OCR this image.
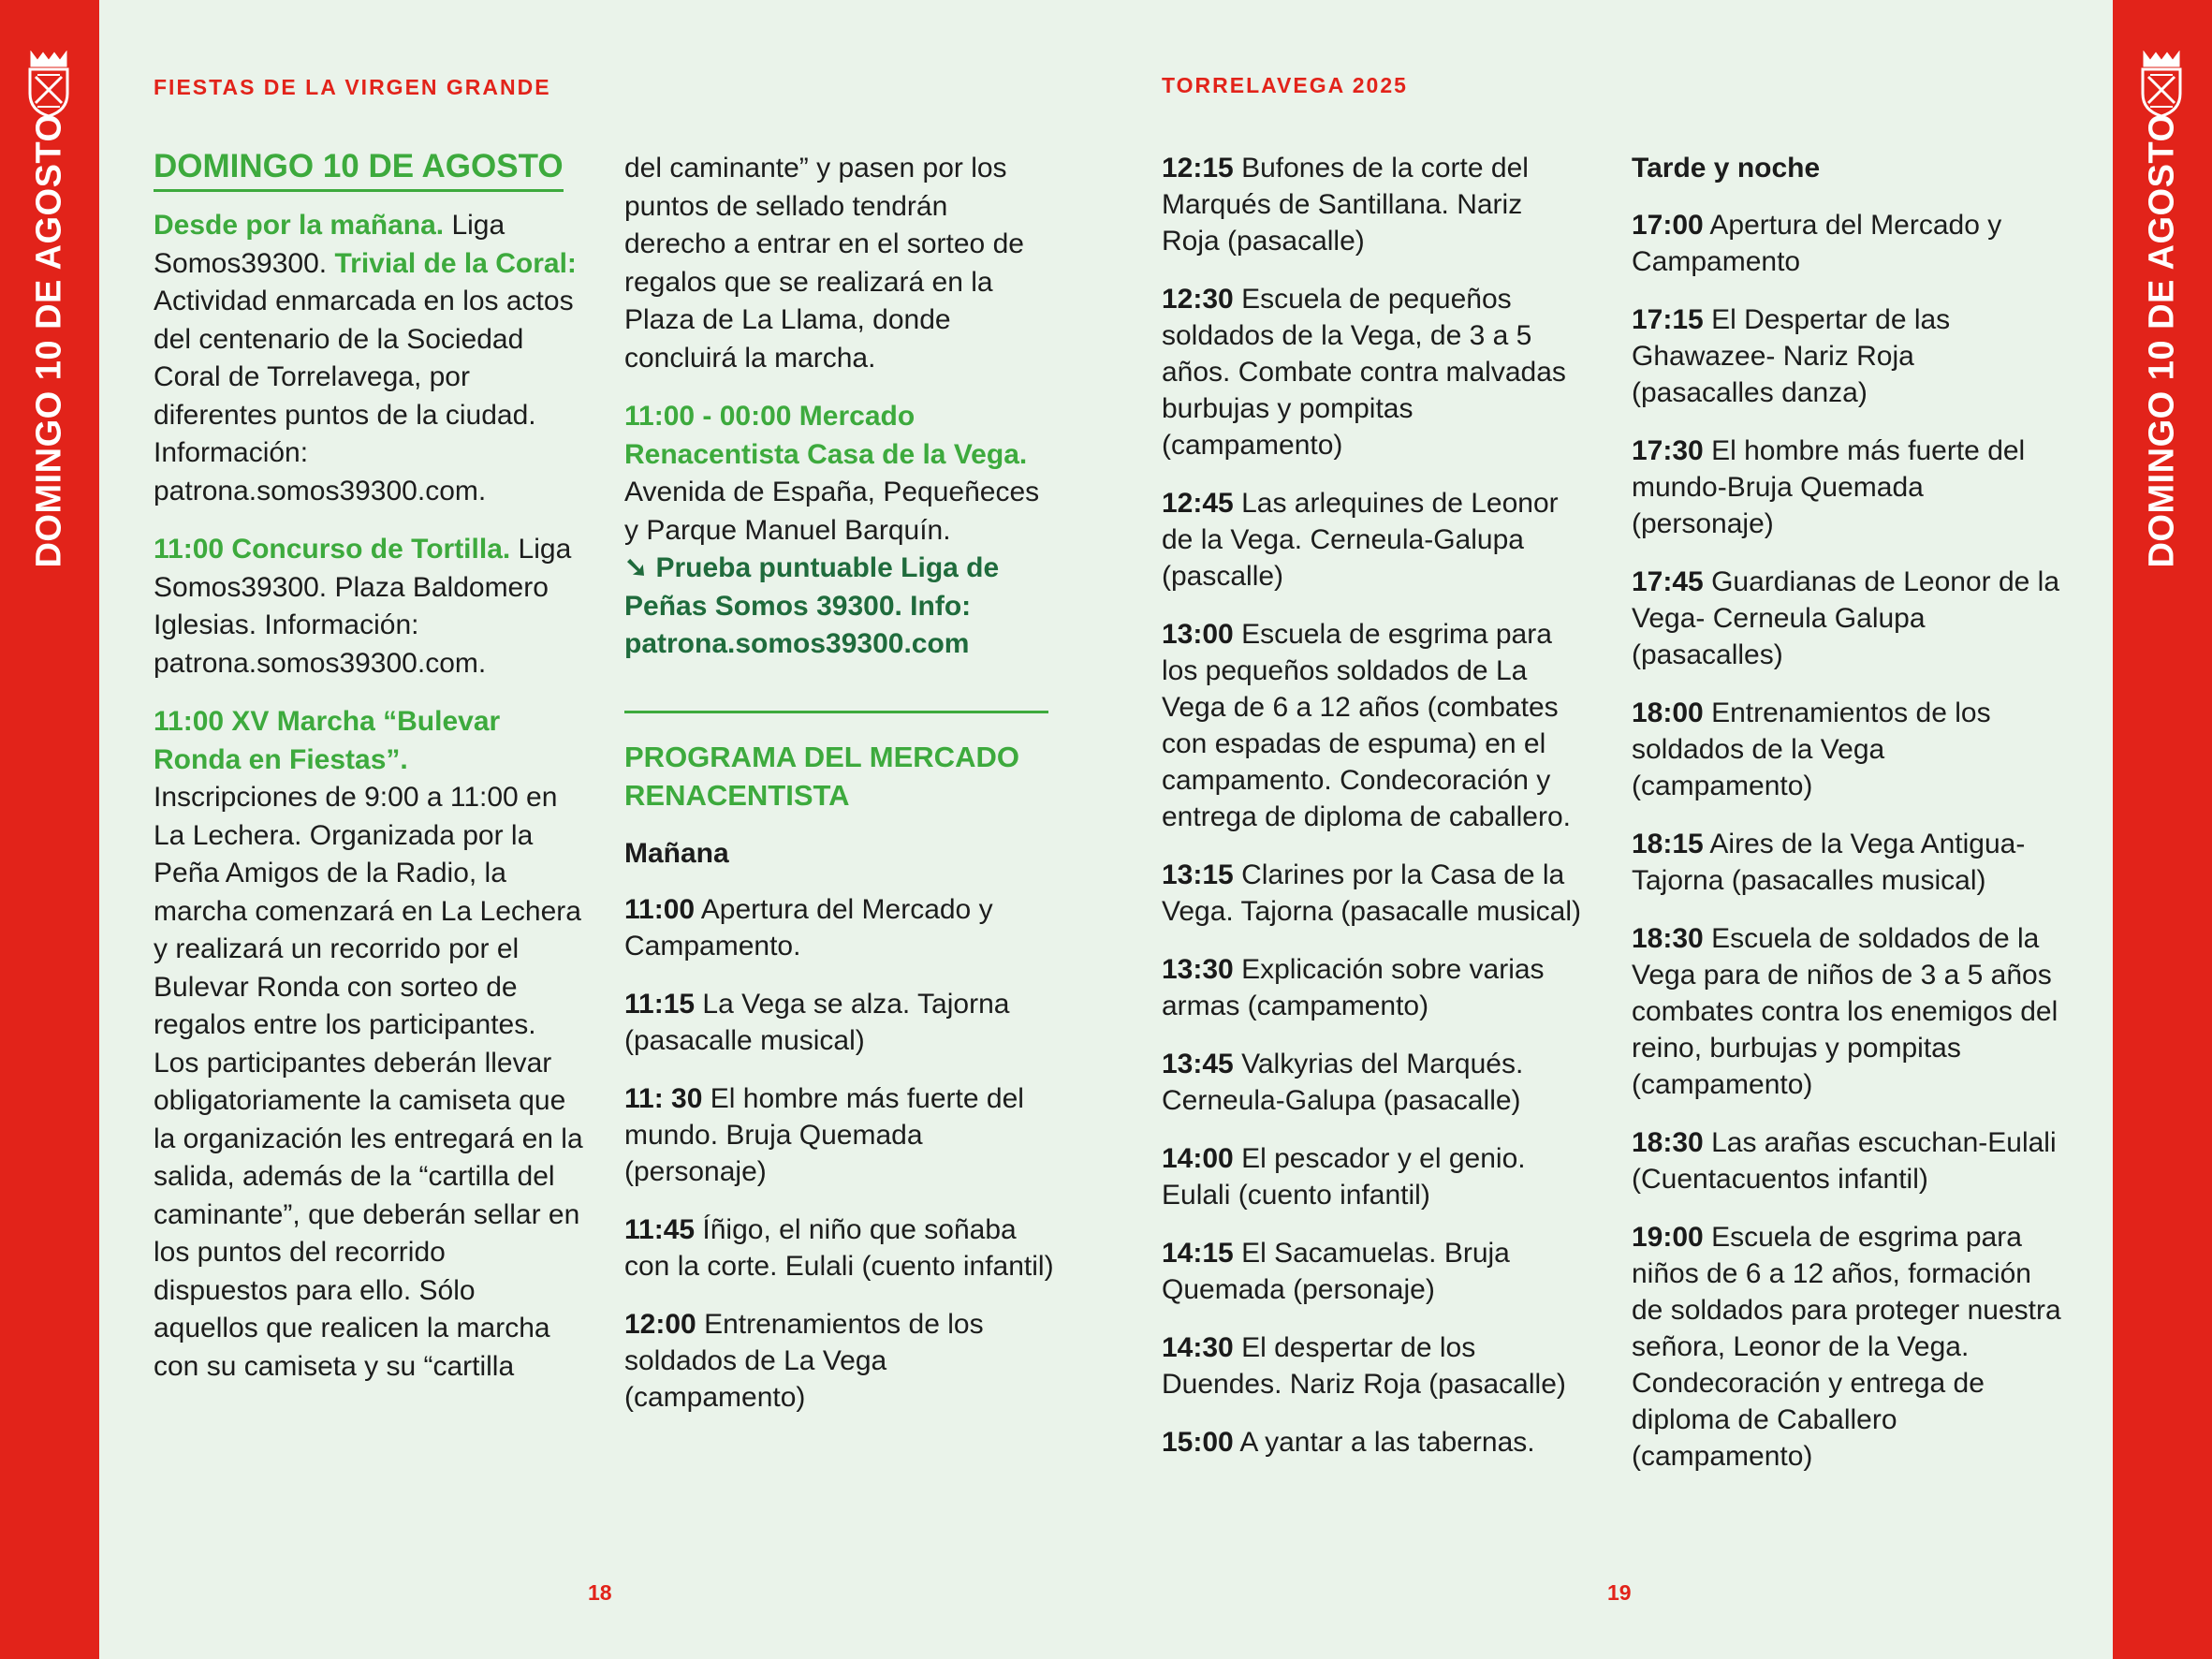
DOMINGO 10 DE AGOSTO	DOMINGO 10 DE AGOSTO
FIESTAS DE LA VIRGEN GRANDE	TORRELAVEGA 2025
DOMINGO 10 DE AGOSTO

Desde por la mañana. Liga Somos39300. Trivial de la Coral: Actividad enmarcada en los actos del centenario de la Sociedad Coral de Torrelavega, por diferentes puntos de la ciudad. Información: patrona.somos39300.com.

11:00 Concurso de Tortilla. Liga Somos39300. Plaza Baldomero Iglesias. Información: patrona.somos39300.com.

11:00 XV Marcha “Bulevar Ronda en Fiestas”.

Inscripciones de 9:00 a 11:00 en La Lechera. Organizada por la Peña Amigos de la Radio, la marcha comenzará en La Lechera y realizará un recorrido por el Bulevar Ronda con sorteo de regalos entre los participantes. Los participantes deberán llevar obligatoriamente la camiseta que la organización les entregará en la salida, además de la “cartilla del caminante”, que deberán sellar en los puntos del recorrido dispuestos para ello. Sólo aquellos que realicen la marcha con su camiseta y su “cartilla

del caminante” y pasen por los puntos de sellado tendrán derecho a entrar en el sorteo de regalos que se realizará en la Plaza de La Llama, donde concluirá la marcha.

11:00 - 00:00 Mercado Renacentista Casa de la Vega. Avenida de España, Pequeñeces y Parque Manuel Barquín.

➘ Prueba puntuable Liga de Peñas Somos 39300. Info: patrona.somos39300.com

PROGRAMA DEL MERCADO RENACENTISTA
Mañana

11:00 Apertura del Mercado y Campamento.

11:15 La Vega se alza. Tajorna (pasacalle musical)

11: 30 El hombre más fuerte del mundo. Bruja Quemada (personaje)

11:45 Íñigo, el niño que soñaba con la corte. Eulali (cuento infantil)

12:00 Entrenamientos de los soldados de La Vega (campamento)

12:15 Bufones de la corte del Marqués de Santillana. Nariz Roja (pasacalle)

12:30 Escuela de pequeños soldados de la Vega, de 3 a 5 años. Combate contra malvadas burbujas y pompitas (campamento)

12:45 Las arlequines de Leonor de la Vega. Cerneula-Galupa (pascalle)

13:00 Escuela de esgrima para los pequeños soldados de La Vega de 6 a 12 años (combates con espadas de espuma) en el campamento. Condecoración y entrega de diploma de caballero.

13:15 Clarines por la Casa de la Vega. Tajorna (pasacalle musical)

13:30 Explicación sobre varias armas (campamento)

13:45 Valkyrias del Marqués. Cerneula-Galupa (pasacalle)

14:00 El pescador y el genio. Eulali (cuento infantil)

14:15 El Sacamuelas. Bruja Quemada (personaje)

14:30 El despertar de los Duendes. Nariz Roja (pasacalle)

15:00 A yantar a las tabernas.

Tarde y noche

17:00 Apertura del Mercado y Campamento

17:15 El Despertar de las Ghawazee- Nariz Roja (pasacalles danza)

17:30 El hombre más fuerte del mundo-Bruja Quemada (personaje)

17:45 Guardianas de Leonor de la Vega- Cerneula Galupa (pasacalles)

18:00 Entrenamientos de los soldados de la Vega (campamento)

18:15 Aires de la Vega Antigua-Tajorna (pasacalles musical)

18:30 Escuela de soldados de la Vega para de niños de 3 a 5 años combates contra los enemigos del reino, burbujas y pompitas (campamento)

18:30 Las arañas escuchan-Eulali (Cuentacuentos infantil)

19:00 Escuela de esgrima para niños de 6 a 12 años, formación de soldados para proteger nuestra señora, Leonor de la Vega. Condecoración y entrega de diploma de Caballero (campamento)

18	19
